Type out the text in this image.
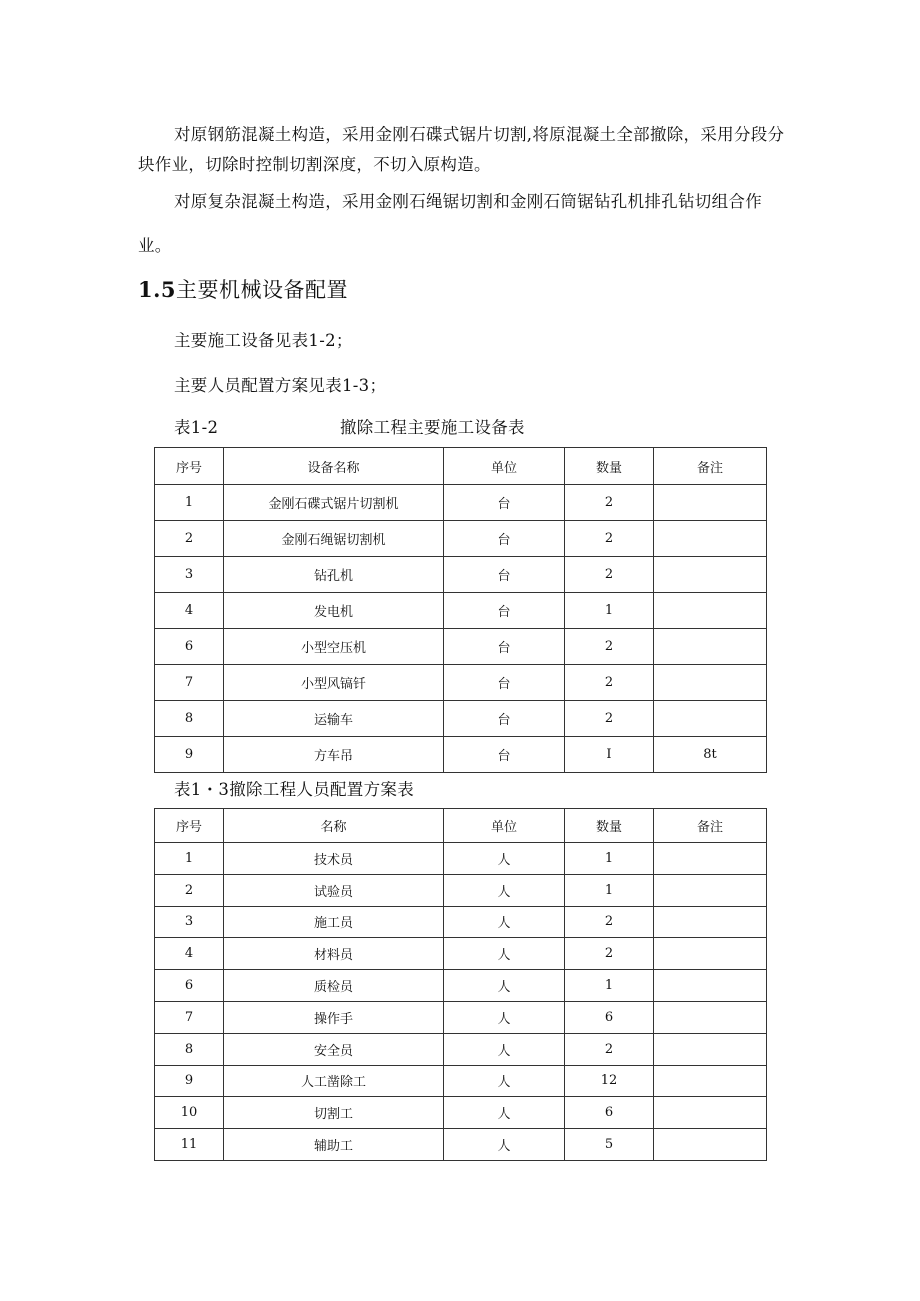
对原钢筋混凝土构造，采用金刚石碟式锯片切割,将原混凝土全部撤除，采用分段分块作业，切除时控制切割深度，不切入原构造。

对原复杂混凝土构造，采用金刚石绳锯切割和金刚石筒锯钻孔机排孔钻切组合作业。

1.5主要机械设备配置

主要施工设备见表1-2；

主要人员配置方案见表1-3；

表1-2	撤除工程主要施工设备表

序号	设备名称	单位	数量	备注
1	金刚石碟式锯片切割机	台	2	
2	金刚石绳锯切割机	台	2	
3	钻孔机	台	2	
4	发电机	台	1	
6	小型空压机	台	2	
7	小型风镐钎	台	2	
8	运输车	台	2	
9	方车吊	台	I	8t

表1・3撤除工程人员配置方案表

序号	名称	单位	数量	备注
1	技术员	人	1	
2	试验员	人	1	
3	施工员	人	2	
4	材料员	人	2	
6	质检员	人	1	
7	操作手	人	6	
8	安全员	人	2	
9	人工凿除工	人	12	
10	切割工	人	6	
11	辅助工	人	5	
